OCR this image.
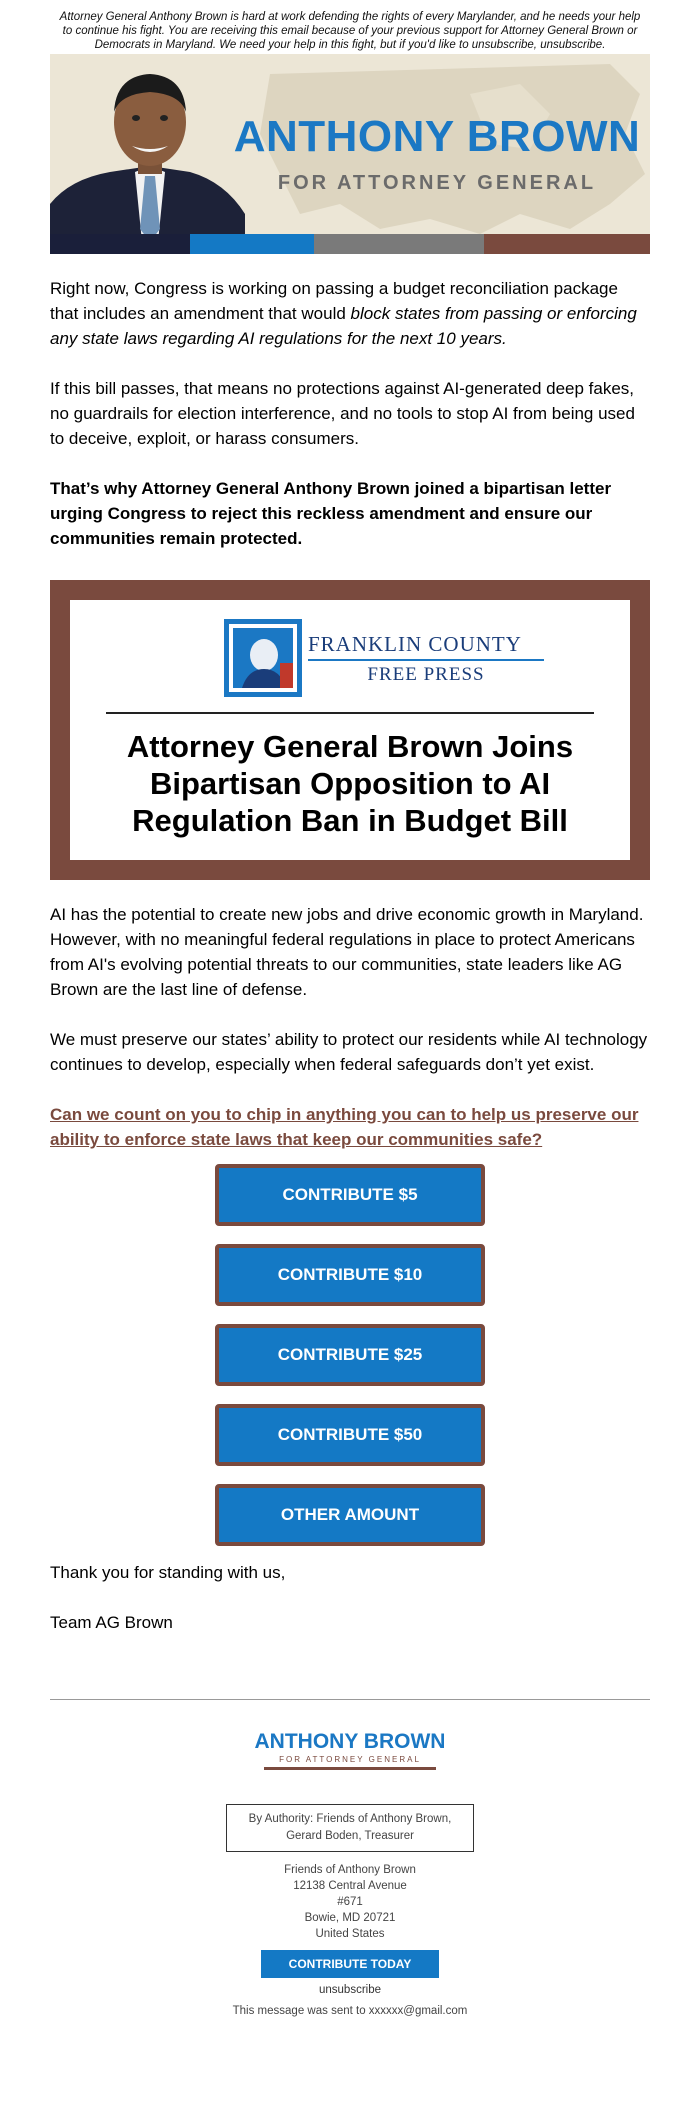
Attorney General Anthony Brown is hard at work defending the rights of every Marylander, and he needs your help to continue his fight. You are receiving this email because of your previous support for Attorney General Brown or Democrats in Maryland. We need your help in this fight, but if you'd like to unsubscribe, unsubscribe.
ANTHONY BROWN
FOR ATTORNEY GENERAL

Right now, Congress is working on passing a budget reconciliation package that includes an amendment that would block states from passing or enforcing any state laws regarding AI regulations for the next 10 years.

If this bill passes, that means no protections against AI-generated deep fakes, no guardrails for election interference, and no tools to stop AI from being used to deceive, exploit, or harass consumers.

That’s why Attorney General Anthony Brown joined a bipartisan letter urging Congress to reject this reckless amendment and ensure our communities remain protected.

FRANKLIN COUNTY
FREE PRESS
Attorney General Brown Joins Bipartisan Opposition to AI Regulation Ban in Budget Bill

AI has the potential to create new jobs and drive economic growth in Maryland. However, with no meaningful federal regulations in place to protect Americans from AI's evolving potential threats to our communities, state leaders like AG Brown are the last line of defense.

We must preserve our states’ ability to protect our residents while AI technology continues to develop, especially when federal safeguards don’t yet exist.

Can we count on you to chip in anything you can to help us preserve our ability to enforce state laws that keep our communities safe?
CONTRIBUTE $5
CONTRIBUTE $10
CONTRIBUTE $25
CONTRIBUTE $50
OTHER AMOUNT

Thank you for standing with us,

Team AG Brown

ANTHONY BROWN
FOR ATTORNEY GENERAL
By Authority: Friends of Anthony Brown, Gerard Boden, Treasurer
Friends of Anthony Brown
12138 Central Avenue
#671
Bowie, MD 20721
United States
CONTRIBUTE TODAY
unsubscribe
This message was sent to xxxxxx@gmail.com
